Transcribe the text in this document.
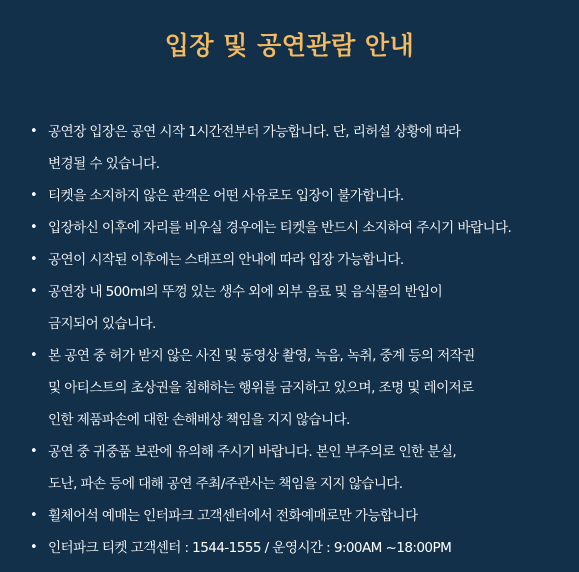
입장 및 공연관람 안내
• 공연장 입장은 공연 시작 1시간전부터 가능합니다. 단, 리허설 상황에 따라
변경될 수 있습니다.
• 티켓을 소지하지 않은 관객은 어떤 사유로도 입장이 불가합니다.
• 입장하신 이후에 자리를 비우실 경우에는 티켓을 반드시 소지하여 주시기 바랍니다.
• 공연이 시작된 이후에는 스태프의 안내에 따라 입장 가능합니다.
• 공연장 내 500ml의 뚜껑 있는 생수 외에 외부 음료 및 음식물의 반입이
금지되어 있습니다.
• 본 공연 중 허가 받지 않은 사진 및 동영상 촬영, 녹음, 녹취, 중계 등의 저작권
및 아티스트의 초상권을 침해하는 행위를 금지하고 있으며, 조명 및 레이저로
인한 제품파손에 대한 손해배상 책임을 지지 않습니다.
• 공연 중 귀중품 보관에 유의해 주시기 바랍니다. 본인 부주의로 인한 분실,
도난, 파손 등에 대해 공연 주최/주관사는 책임을 지지 않습니다.
• 휠체어석 예매는 인터파크 고객센터에서 전화예매로만 가능합니다
• 인터파크 티켓 고객센터 : 1544-1555 / 운영시간 : 9:00AM ~18:00PM
